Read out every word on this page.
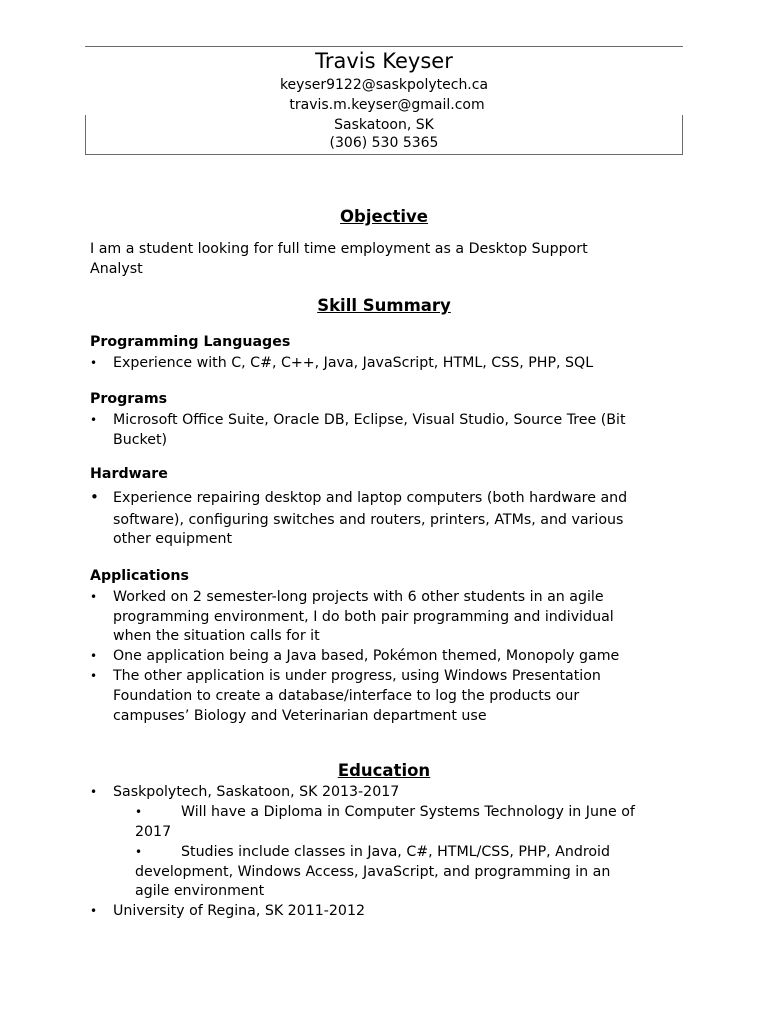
Travis Keyser
keyser9122@saskpolytech.ca
travis.m.keyser@gmail.com
Saskatoon, SK
(306) 530 5365
Objective
I am a student looking for full time employment as a Desktop Support
Analyst
Skill Summary
Programming Languages
• Experience with C, C#, C++, Java, JavaScript, HTML, CSS, PHP, SQL
Programs
• Microsoft Office Suite, Oracle DB, Eclipse, Visual Studio, Source Tree (Bit
Bucket)
Hardware
• Experience repairing desktop and laptop computers (both hardware and
software), configuring switches and routers, printers, ATMs, and various
other equipment
Applications
• Worked on 2 semester-long projects with 6 other students in an agile
programming environment, I do both pair programming and individual
when the situation calls for it
• One application being a Java based, Pokémon themed, Monopoly game
• The other application is under progress, using Windows Presentation
Foundation to create a database/interface to log the products our
campuses’ Biology and Veterinarian department use
Education
• Saskpolytech, Saskatoon, SK 2013-2017
•	Will have a Diploma in Computer Systems Technology in June of
2017
•	Studies include classes in Java, C#, HTML/CSS, PHP, Android
development, Windows Access, JavaScript, and programming in an
agile environment
• University of Regina, SK 2011-2012
